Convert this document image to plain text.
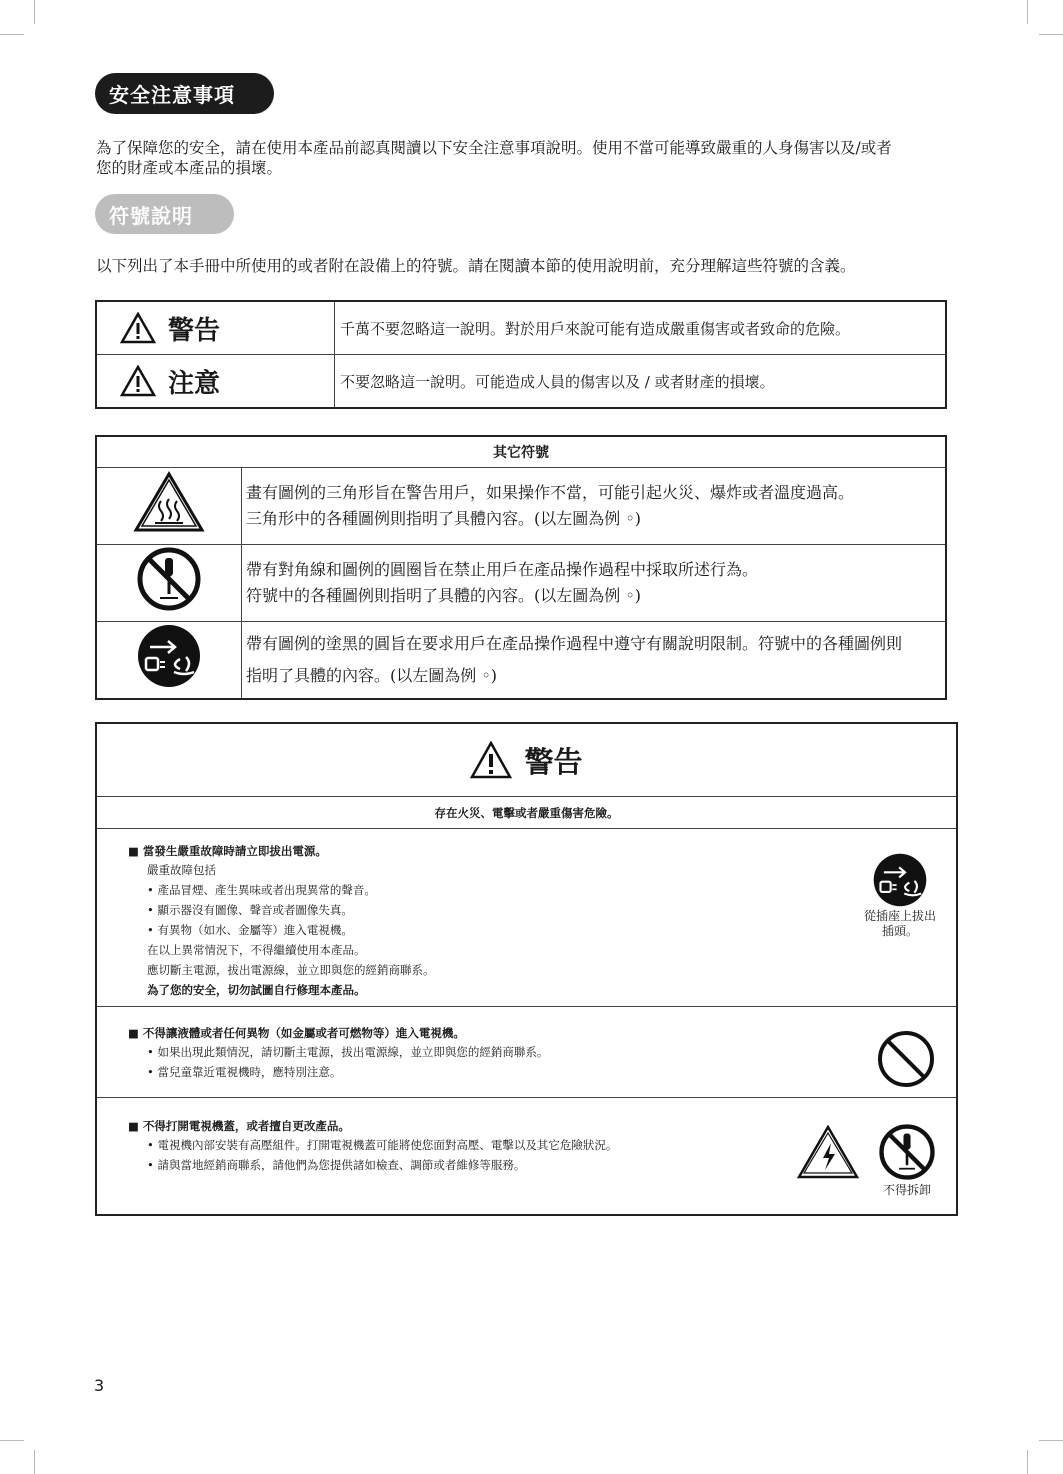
安全注意事項
為了保障您的安全，請在使用本產品前認真閱讀以下安全注意事項說明。使用不當可能導致嚴重的人身傷害以及/或者
您的財產或本產品的損壞。
符號說明
以下列出了本手冊中所使用的或者附在設備上的符號。請在閱讀本節的使用說明前，充分理解這些符號的含義。
警告	千萬不要忽略這一說明。對於用戶來說可能有造成嚴重傷害或者致命的危險。

注意	不要忽略這一說明。可能造成人員的傷害以及 / 或者財產的損壞。
其它符號	

畫有圖例的三角形旨在警告用戶，如果操作不當，可能引起火災、爆炸或者溫度過高。
三角形中的各種圖例則指明了具體內容。(以左圖為例 ◦)

帶有對角線和圖例的圓圈旨在禁止用戶在產品操作過程中採取所述行為。
符號中的各種圖例則指明了具體的內容。(以左圖為例 ◦)

帶有圖例的塗黑的圓旨在要求用戶在產品操作過程中遵守有關說明限制。符號中的各種圖例則
指明了具體的內容。(以左圖為例 ◦)
警告
存在火災、電擊或者嚴重傷害危險。
■ 當發生嚴重故障時請立即拔出電源。
嚴重故障包括
• 產品冒煙、產生異味或者出現異常的聲音。
• 顯示器沒有圖像、聲音或者圖像失真。
• 有異物（如水、金屬等）進入電視機。
在以上異常情況下，不得繼續使用本產品。
應切斷主電源，拔出電源線，並立即與您的經銷商聯系。
為了您的安全，切勿試圖自行修理本產品。
從插座上拔出
插頭。
■ 不得讓液體或者任何異物（如金屬或者可燃物等）進入電視機。
• 如果出現此類情況，請切斷主電源，拔出電源線，並立即與您的經銷商聯系。
• 當兒童靠近電視機時，應特別注意。
■ 不得打開電視機蓋，或者擅自更改產品。
• 電視機內部安裝有高壓組件。打開電視機蓋可能將使您面對高壓、電擊以及其它危險狀況。
• 請與當地經銷商聯系，請他們為您提供諸如檢查、調節或者維修等服務。
不得拆卸
3
